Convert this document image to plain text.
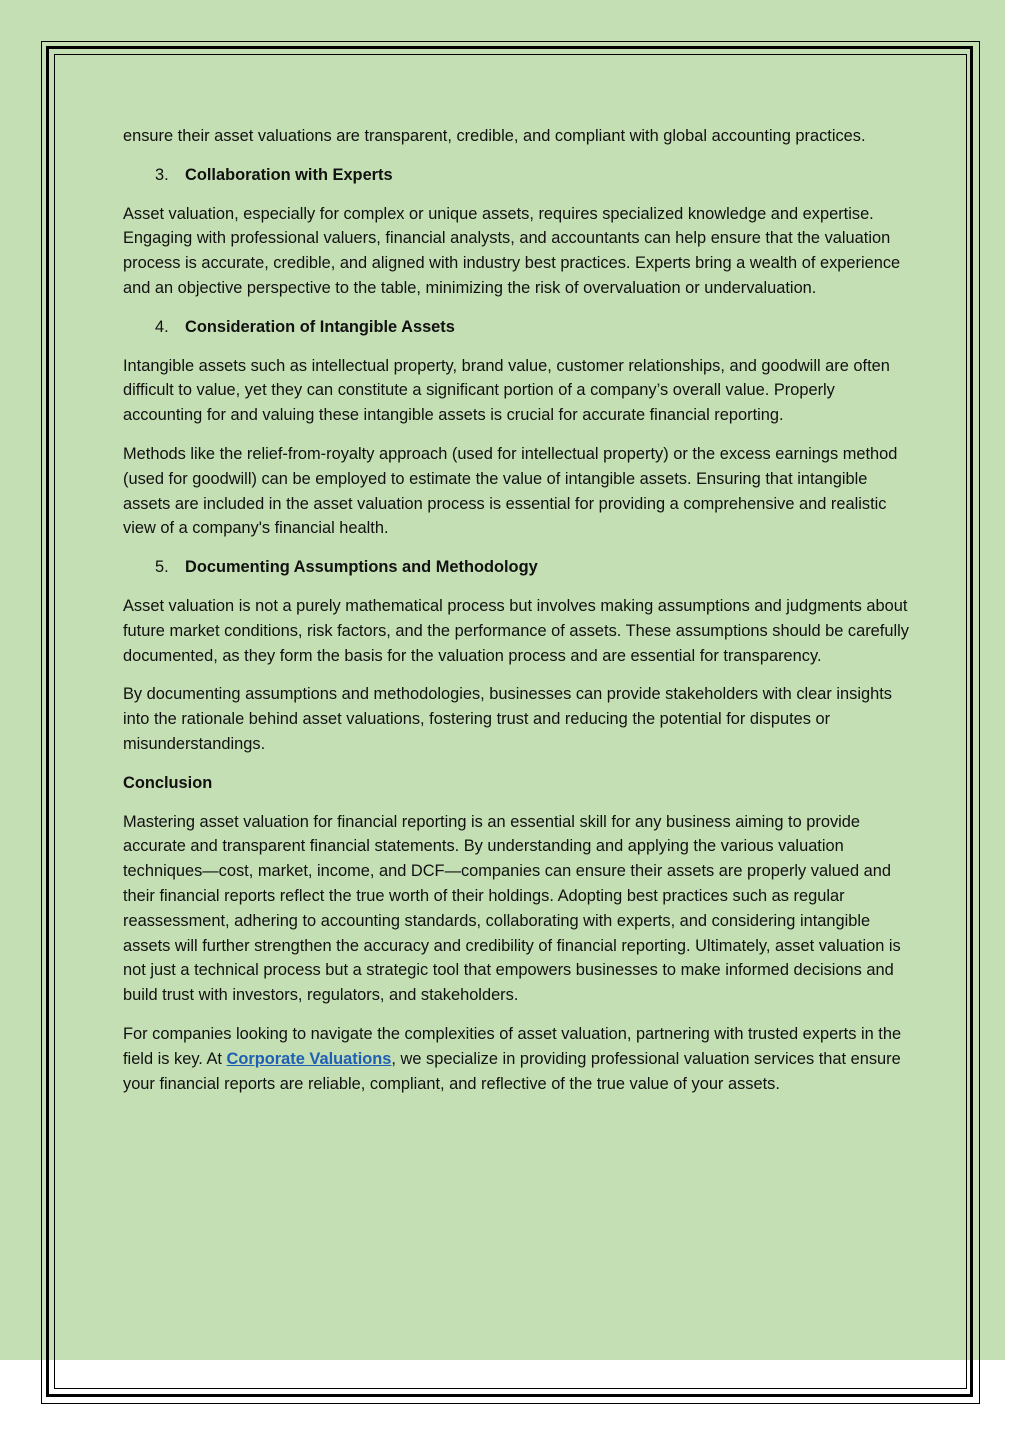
ensure their asset valuations are transparent, credible, and compliant with global accounting practices.

3. Collaboration with Experts

Asset valuation, especially for complex or unique assets, requires specialized knowledge and expertise. Engaging with professional valuers, financial analysts, and accountants can help ensure that the valuation process is accurate, credible, and aligned with industry best practices. Experts bring a wealth of experience and an objective perspective to the table, minimizing the risk of overvaluation or undervaluation.

4. Consideration of Intangible Assets

Intangible assets such as intellectual property, brand value, customer relationships, and goodwill are often difficult to value, yet they can constitute a significant portion of a company’s overall value. Properly accounting for and valuing these intangible assets is crucial for accurate financial reporting.

Methods like the relief-from-royalty approach (used for intellectual property) or the excess earnings method (used for goodwill) can be employed to estimate the value of intangible assets. Ensuring that intangible assets are included in the asset valuation process is essential for providing a comprehensive and realistic view of a company's financial health.

5. Documenting Assumptions and Methodology

Asset valuation is not a purely mathematical process but involves making assumptions and judgments about future market conditions, risk factors, and the performance of assets. These assumptions should be carefully documented, as they form the basis for the valuation process and are essential for transparency.

By documenting assumptions and methodologies, businesses can provide stakeholders with clear insights into the rationale behind asset valuations, fostering trust and reducing the potential for disputes or misunderstandings.

Conclusion

Mastering asset valuation for financial reporting is an essential skill for any business aiming to provide accurate and transparent financial statements. By understanding and applying the various valuation techniques—cost, market, income, and DCF—companies can ensure their assets are properly valued and their financial reports reflect the true worth of their holdings. Adopting best practices such as regular reassessment, adhering to accounting standards, collaborating with experts, and considering intangible assets will further strengthen the accuracy and credibility of financial reporting. Ultimately, asset valuation is not just a technical process but a strategic tool that empowers businesses to make informed decisions and build trust with investors, regulators, and stakeholders.

For companies looking to navigate the complexities of asset valuation, partnering with trusted experts in the field is key. At Corporate Valuations, we specialize in providing professional valuation services that ensure your financial reports are reliable, compliant, and reflective of the true value of your assets.
